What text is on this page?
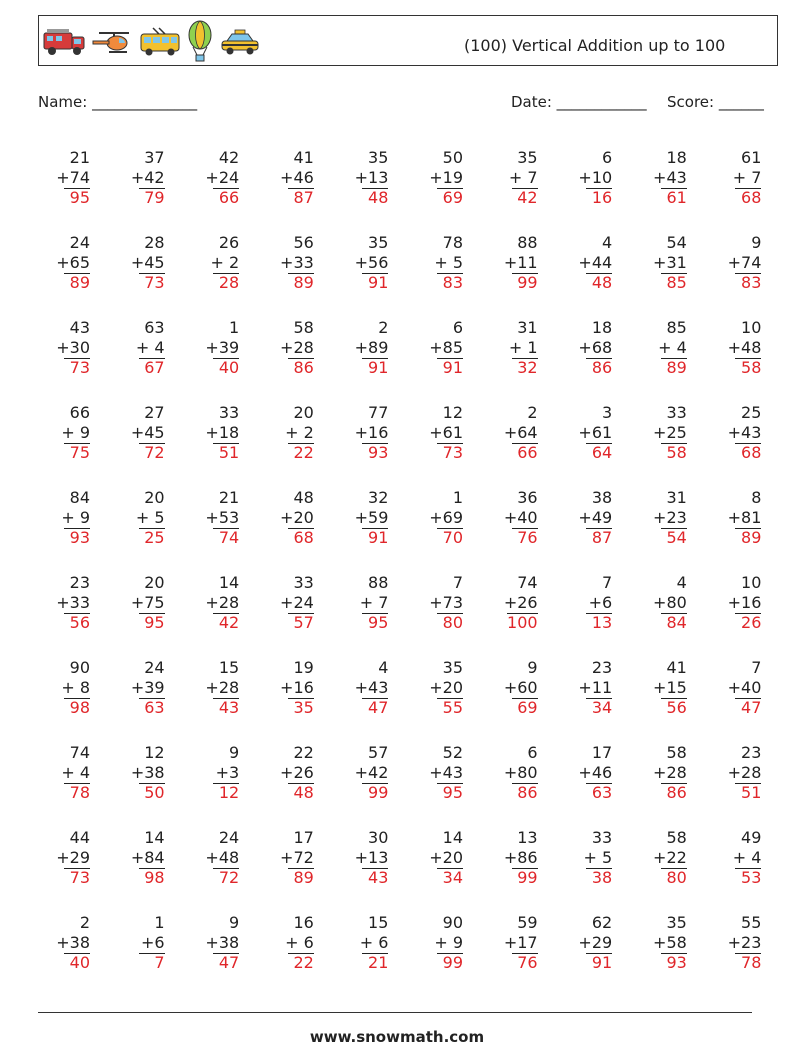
(100) Vertical Addition up to 100
Name: ______________	Date: ____________ Score: ______
21
+74
95
37
+42
79
42
+24
66
41
+46
87
35
+13
48
50
+19
69
35
+ 7
42
6
+10
16
18
+43
61
61
+ 7
68
24
+65
89
28
+45
73
26
+ 2
28
56
+33
89
35
+56
91
78
+ 5
83
88
+11
99
4
+44
48
54
+31
85
9
+74
83
43
+30
73
63
+ 4
67
1
+39
40
58
+28
86
2
+89
91
6
+85
91
31
+ 1
32
18
+68
86
85
+ 4
89
10
+48
58
66
+ 9
75
27
+45
72
33
+18
51
20
+ 2
22
77
+16
93
12
+61
73
2
+64
66
3
+61
64
33
+25
58
25
+43
68
84
+ 9
93
20
+ 5
25
21
+53
74
48
+20
68
32
+59
91
1
+69
70
36
+40
76
38
+49
87
31
+23
54
8
+81
89
23
+33
56
20
+75
95
14
+28
42
33
+24
57
88
+ 7
95
7
+73
80
74
+26
100
7
+6
13
4
+80
84
10
+16
26
90
+ 8
98
24
+39
63
15
+28
43
19
+16
35
4
+43
47
35
+20
55
9
+60
69
23
+11
34
41
+15
56
7
+40
47
74
+ 4
78
12
+38
50
9
+3
12
22
+26
48
57
+42
99
52
+43
95
6
+80
86
17
+46
63
58
+28
86
23
+28
51
44
+29
73
14
+84
98
24
+48
72
17
+72
89
30
+13
43
14
+20
34
13
+86
99
33
+ 5
38
58
+22
80
49
+ 4
53
2
+38
40
1
+6
7
9
+38
47
16
+ 6
22
15
+ 6
21
90
+ 9
99
59
+17
76
62
+29
91
35
+58
93
55
+23
78
www.snowmath.com
